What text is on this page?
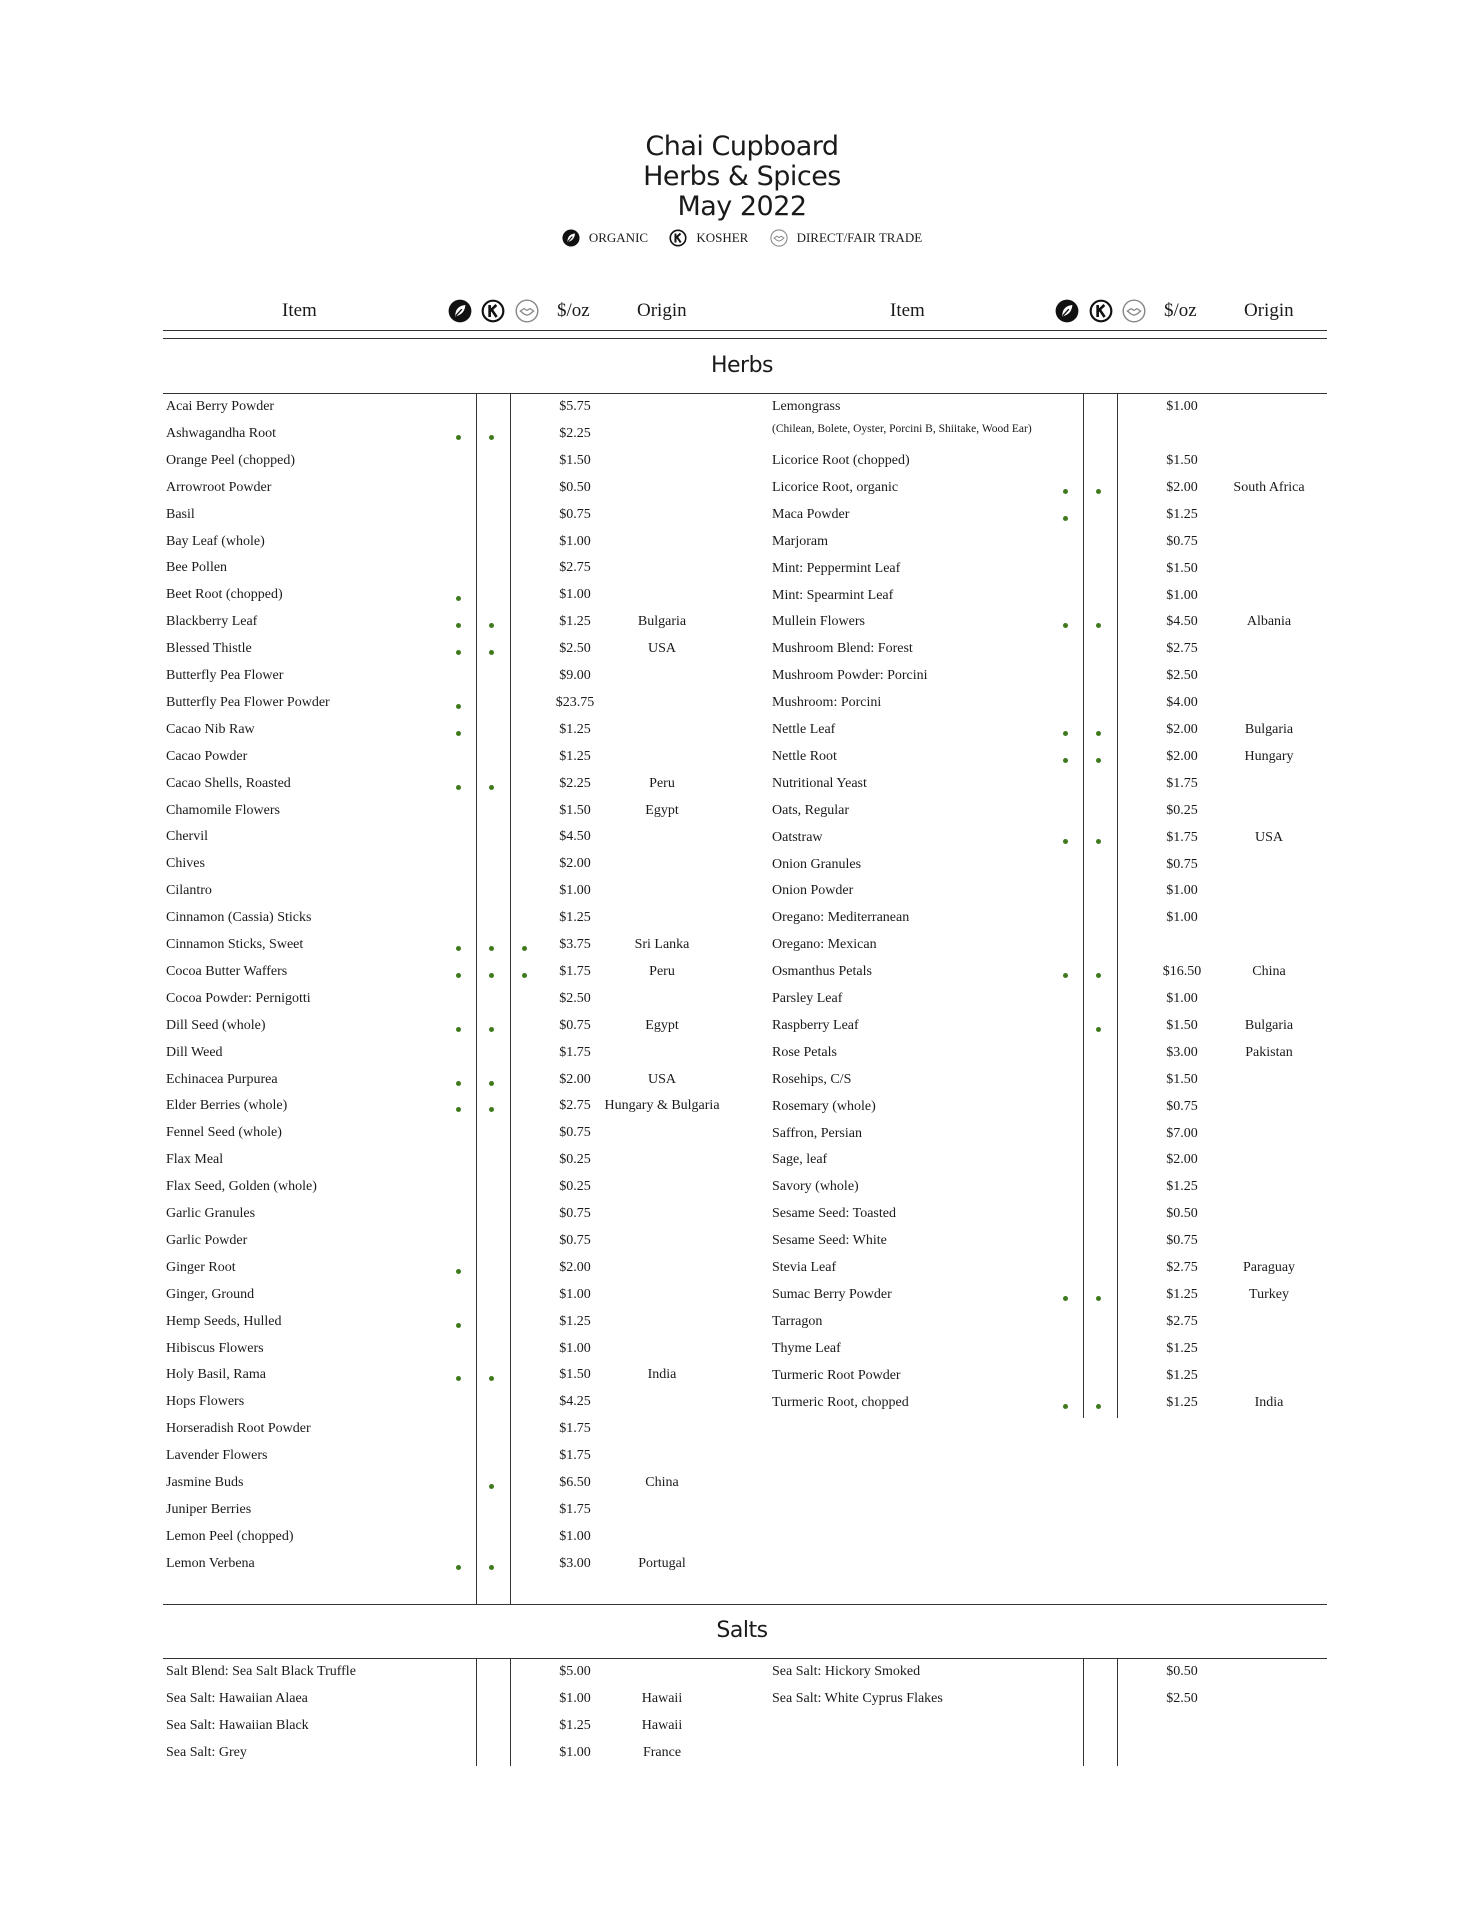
Chai Cupboard
Herbs & Spices
May 2022
ORGANIC
	KOSHER
	DIRECT/FAIR TRADE
Item	$/oz Origin	Item	$/oz Origin
Herbs
Acai Berry Powder	$5.75
Ashwagandha Root	$2.25
Orange Peel (chopped)	$1.50
Arrowroot Powder	$0.50
Basil	$0.75
Bay Leaf (whole)	$1.00
Bee Pollen	$2.75
Beet Root (chopped)	$1.00
Blackberry Leaf	$1.25	Bulgaria
Blessed Thistle	$2.50	USA
Butterfly Pea Flower	$9.00
Butterfly Pea Flower Powder	$23.75
Cacao Nib Raw	$1.25
Cacao Powder	$1.25
Cacao Shells, Roasted	$2.25	Peru
Chamomile Flowers	$1.50	Egypt
Chervil	$4.50
Chives	$2.00
Cilantro	$1.00
Cinnamon (Cassia) Sticks	$1.25
Cinnamon Sticks, Sweet	$3.75	Sri Lanka
Cocoa Butter Waffers	$1.75	Peru
Cocoa Powder: Pernigotti	$2.50
Dill Seed (whole)	$0.75	Egypt
Dill Weed	$1.75
Echinacea Purpurea	$2.00	USA
Elder Berries (whole)	$2.75 Hungary & Bulgaria
Fennel Seed (whole)	$0.75
Flax Meal	$0.25
Flax Seed, Golden (whole)	$0.25
Garlic Granules	$0.75
Garlic Powder	$0.75
Ginger Root	$2.00
Ginger, Ground	$1.00
Hemp Seeds, Hulled	$1.25
Hibiscus Flowers	$1.00
Holy Basil, Rama	$1.50	India
Hops Flowers	$4.25
Horseradish Root Powder	$1.75
Lavender Flowers	$1.75
Jasmine Buds	$6.50	China
Juniper Berries	$1.75
Lemon Peel (chopped)	$1.00
Lemon Verbena	$3.00	Portugal
Lemongrass	$1.00
(Chilean, Bolete, Oyster, Porcini B, Shiitake, Wood Ear)
Licorice Root (chopped)	$1.50
Licorice Root, organic	$2.00	South Africa
Maca Powder	$1.25
Marjoram	$0.75
Mint: Peppermint Leaf	$1.50
Mint: Spearmint Leaf	$1.00
Mullein Flowers	$4.50	Albania
Mushroom Blend: Forest	$2.75
Mushroom Powder: Porcini	$2.50
Mushroom: Porcini	$4.00
Nettle Leaf	$2.00	Bulgaria
Nettle Root	$2.00	Hungary
Nutritional Yeast	$1.75
Oats, Regular	$0.25
Oatstraw	$1.75	USA
Onion Granules	$0.75
Onion Powder	$1.00
Oregano: Mediterranean	$1.00
Oregano: Mexican
Osmanthus Petals	$16.50	China
Parsley Leaf	$1.00
Raspberry Leaf	$1.50	Bulgaria
Rose Petals	$3.00	Pakistan
Rosehips, C/S	$1.50
Rosemary (whole)	$0.75
Saffron, Persian	$7.00
Sage, leaf	$2.00
Savory (whole)	$1.25
Sesame Seed: Toasted	$0.50
Sesame Seed: White	$0.75
Stevia Leaf	$2.75	Paraguay
Sumac Berry Powder	$1.25	Turkey
Tarragon	$2.75
Thyme Leaf	$1.25
Turmeric Root Powder	$1.25
Turmeric Root, chopped	$1.25	India
Salts
Salt Blend: Sea Salt Black Truffle	$5.00
Sea Salt: Hawaiian Alaea	$1.00	Hawaii
Sea Salt: Hawaiian Black	$1.25	Hawaii
Sea Salt: Grey	$1.00	France
Sea Salt: Hickory Smoked	$0.50
Sea Salt: White Cyprus Flakes	$2.50
